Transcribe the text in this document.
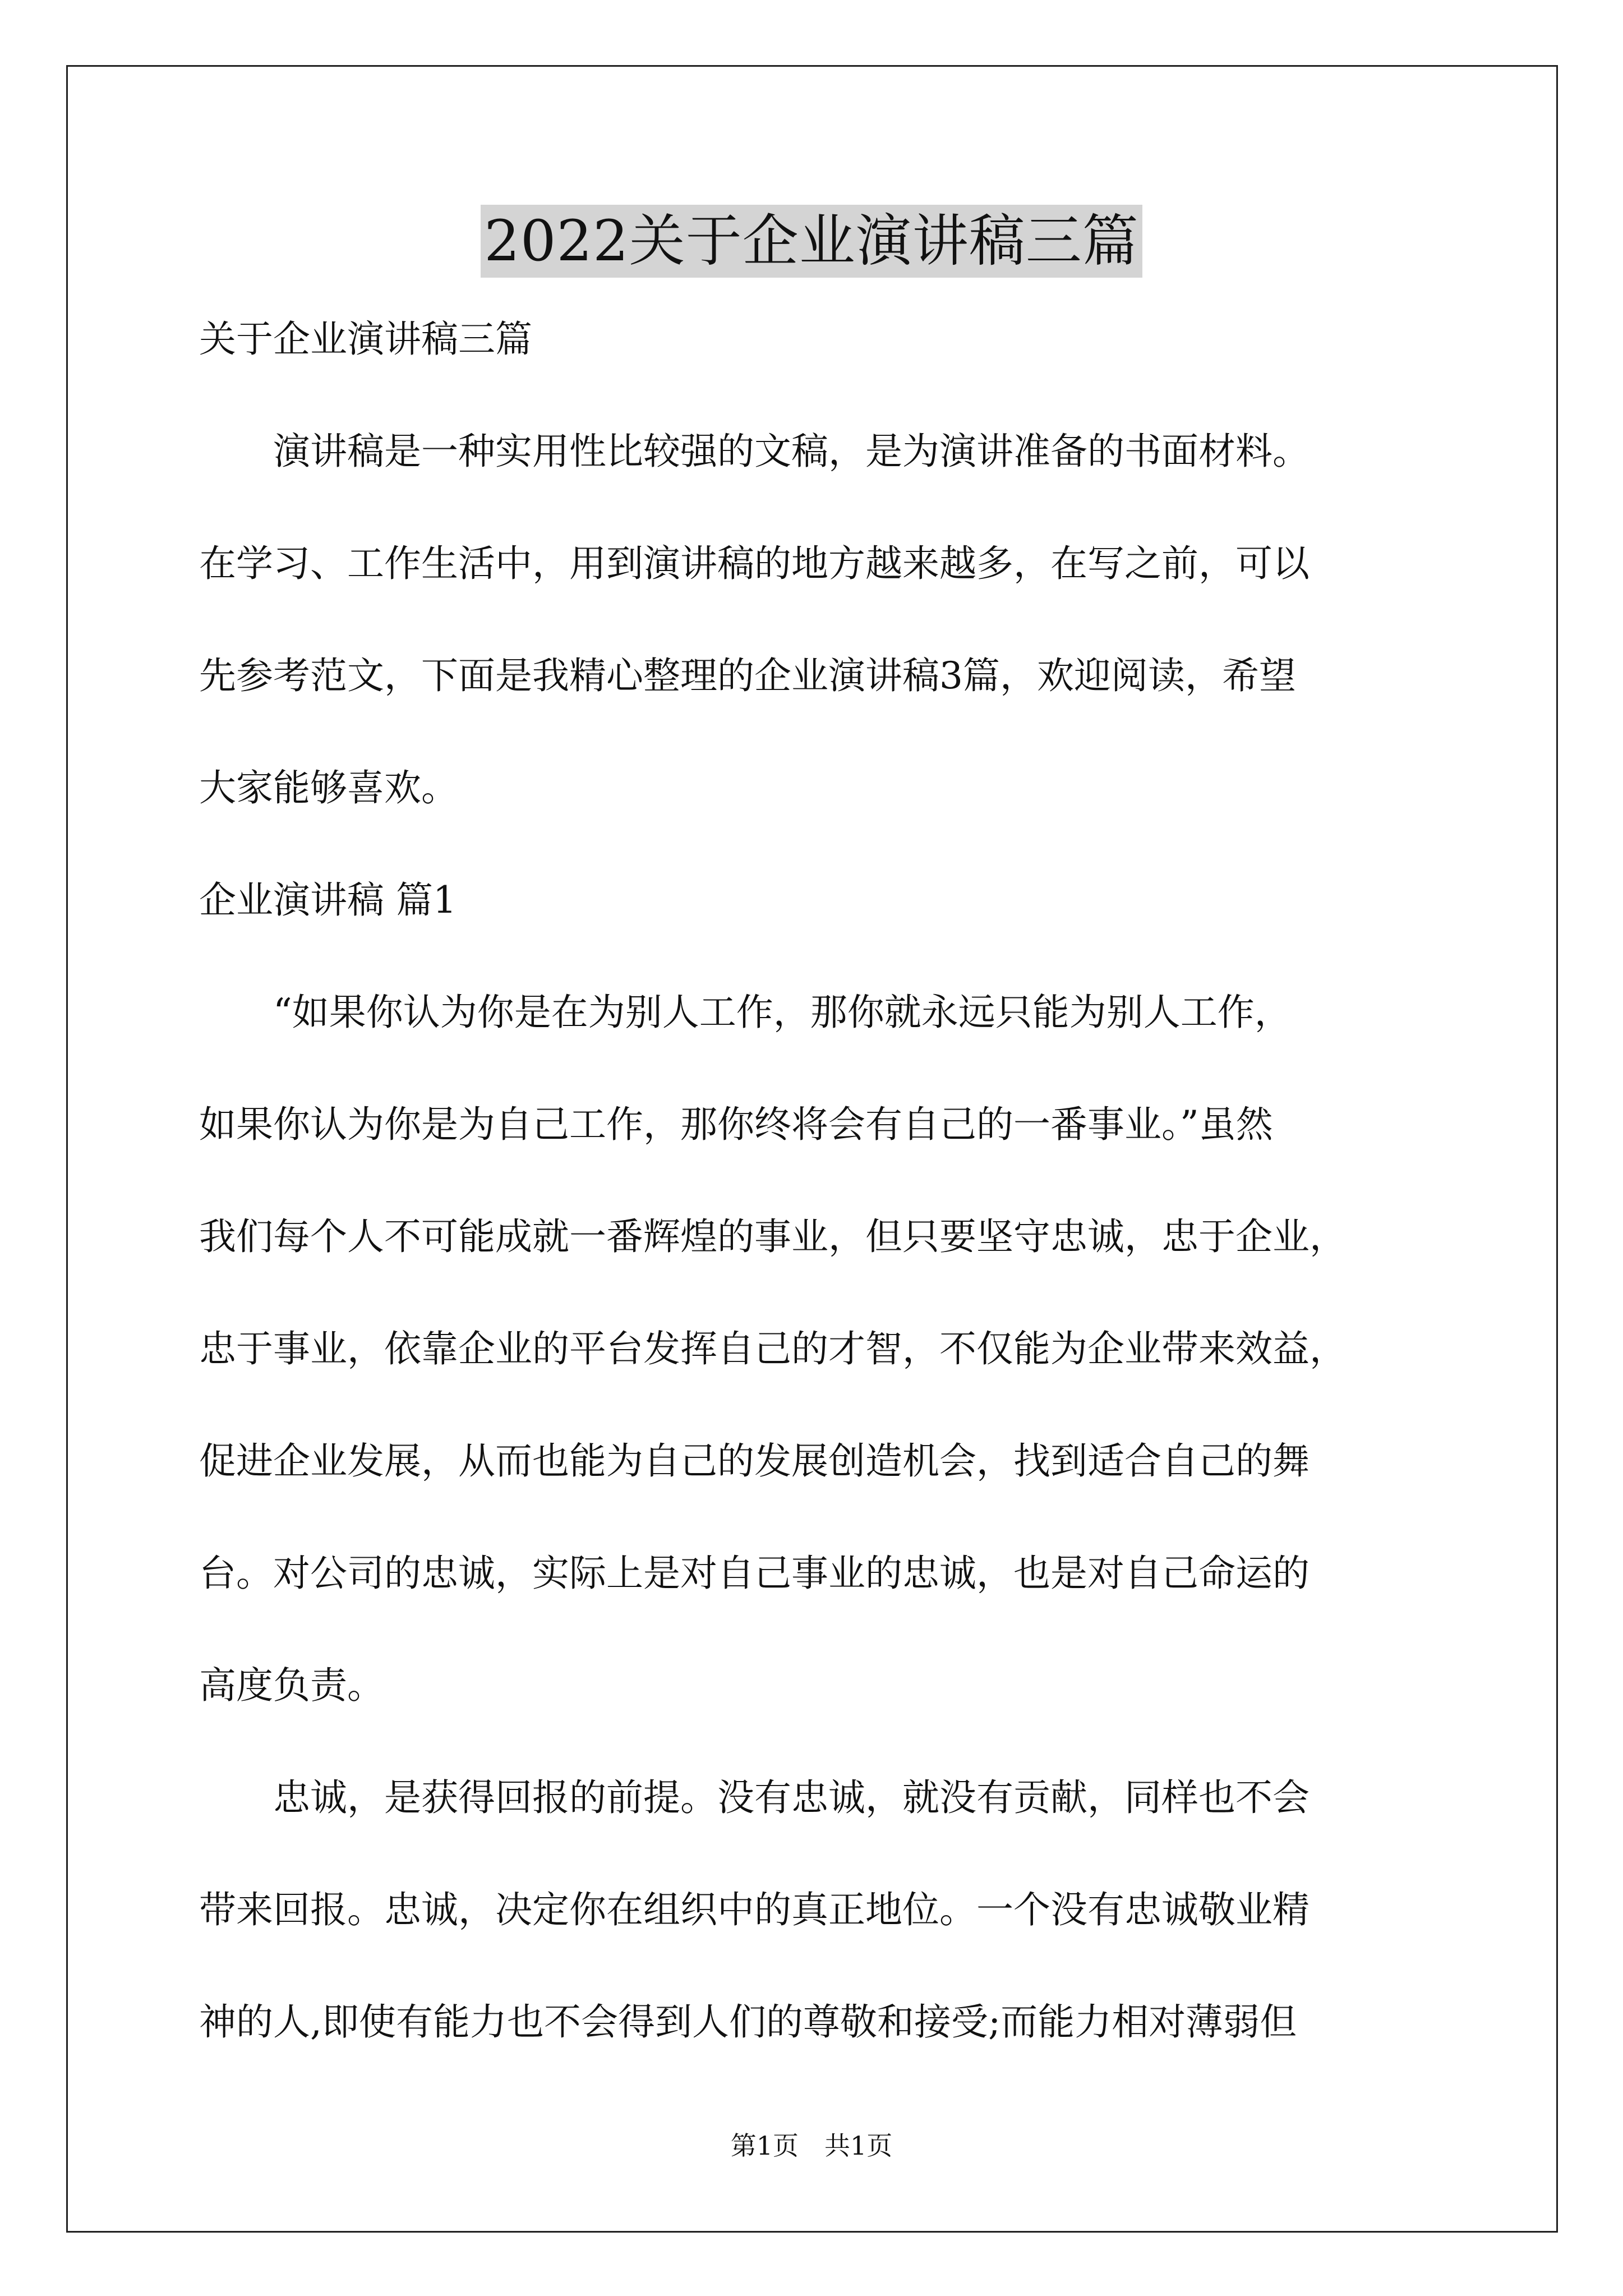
2022关于企业演讲稿三篇
关于企业演讲稿三篇
　　演讲稿是一种实用性比较强的文稿，是为演讲准备的书面材料。
在学习、工作生活中，用到演讲稿的地方越来越多，在写之前，可以
先参考范文，下面是我精心整理的企业演讲稿3篇，欢迎阅读，希望
大家能够喜欢。
企业演讲稿 篇1
　　“如果你认为你是在为别人工作，那你就永远只能为别人工作，
如果你认为你是为自己工作，那你终将会有自己的一番事业。”虽然
我们每个人不可能成就一番辉煌的事业，但只要坚守忠诚，忠于企业，
忠于事业，依靠企业的平台发挥自己的才智，不仅能为企业带来效益，
促进企业发展，从而也能为自己的发展创造机会，找到适合自己的舞
台。对公司的忠诚，实际上是对自己事业的忠诚，也是对自己命运的
高度负责。
　　忠诚，是获得回报的前提。没有忠诚，就没有贡献，同样也不会
带来回报。忠诚，决定你在组织中的真正地位。一个没有忠诚敬业精
神的人,即使有能力也不会得到人们的尊敬和接受;而能力相对薄弱但
第1页　共1页
